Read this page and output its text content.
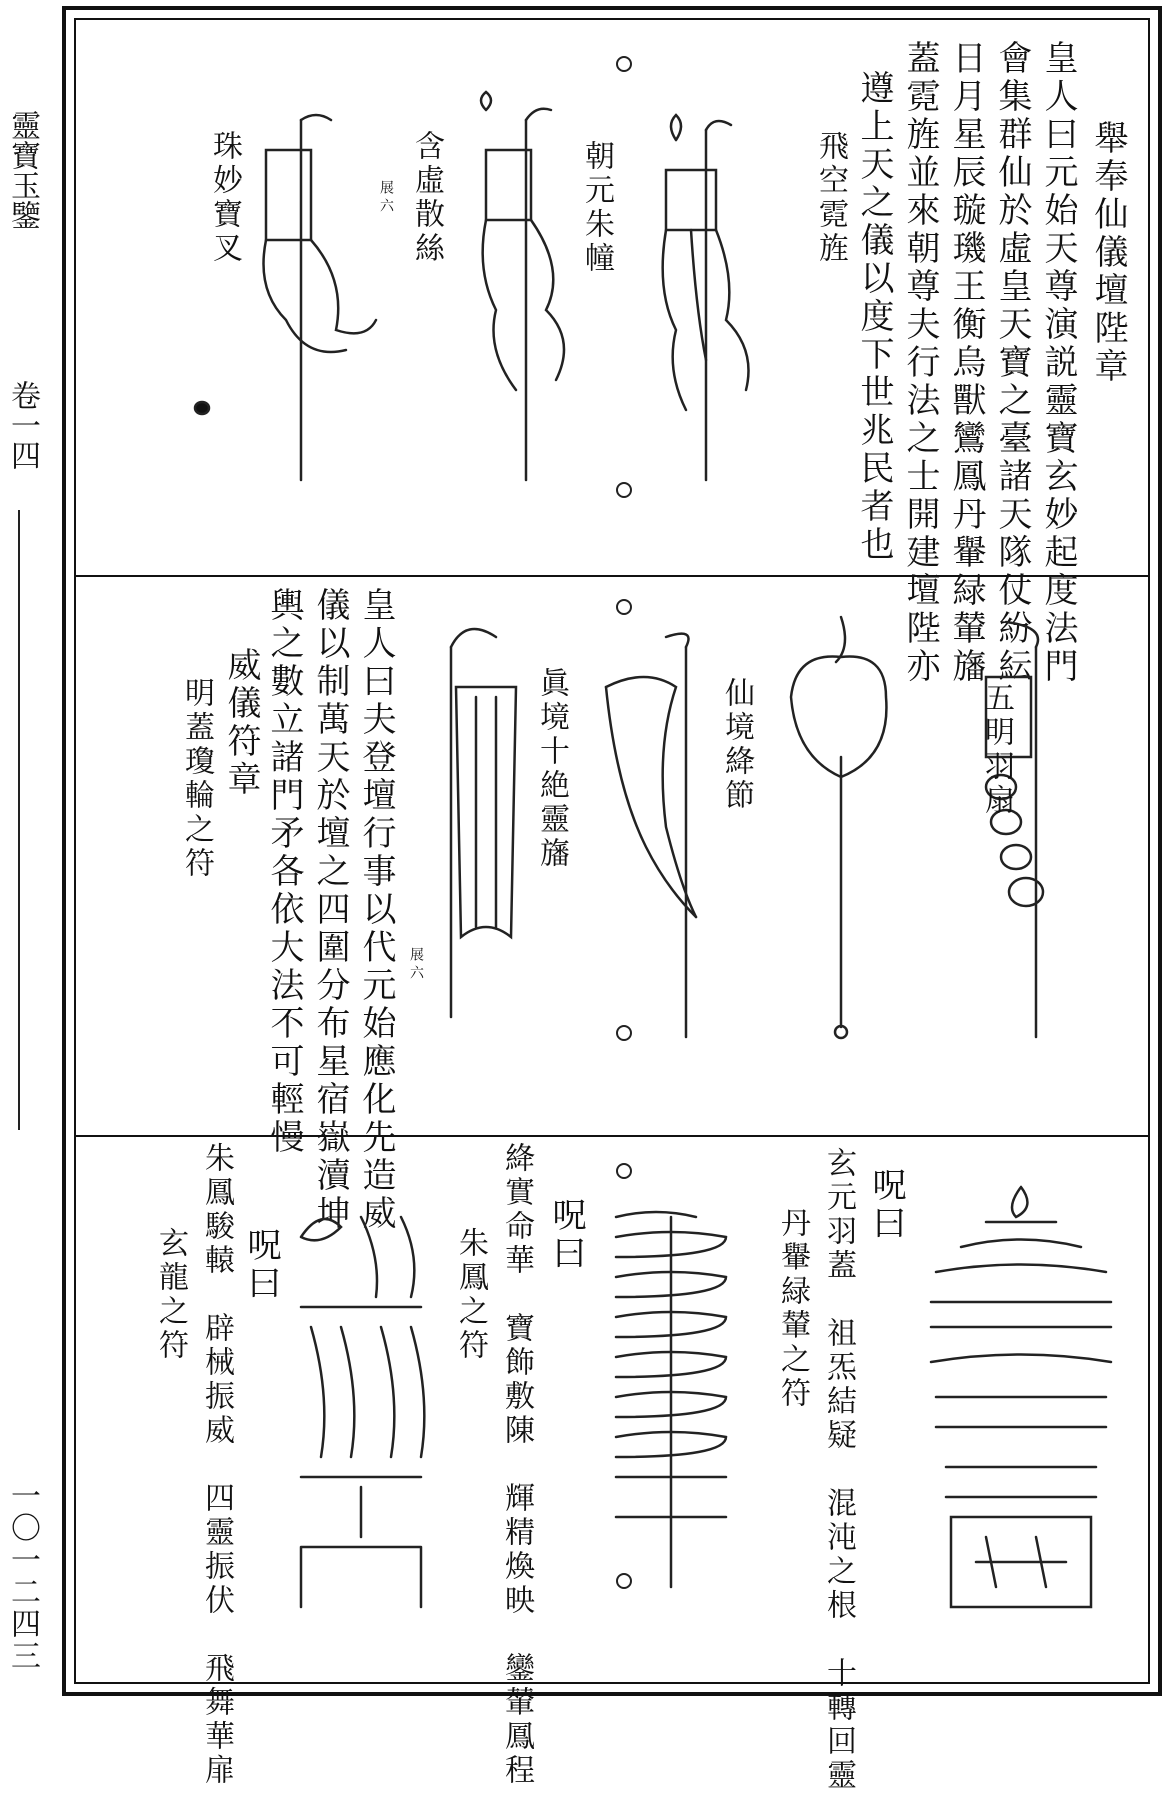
靈寶玉鑒
卷一四
一〇一二四三
舉奉仙儀壇陛章
皇人曰元始天尊演説靈寶玄妙起度法門
會集群仙於虛皇天寶之臺諸天隊仗紛紜
日月星辰璇璣王衡烏獸鸞鳳丹轝緑輦旛
蓋霓旌並來朝尊夫行法之士開建壇陛亦
遵上天之儀以度下世兆民者也
飛空霓旌
朝元朱幢
含虛散絲
展六
珠妙寶叉
五明羽扇
仙境絳節
眞境十絶靈旛
皇人曰夫登壇行事以代元始應化先造威
儀以制萬天於壇之四圍分布星宿嶽瀆坤
輿之數立諸門矛各依大法不可輕慢
威儀符章
明蓋瓊輪之符
展六
呪曰
玄元羽蓋　祖炁結疑　混沌之根　十轉回靈
丹轝緑輦之符
呪曰
絳實命華　寶飾敷陳　輝精煥映　鑾輦鳳程
朱鳳之符
呪曰
朱鳳駿轅　辟械振威　四靈振伏　飛舞華扉
玄龍之符
